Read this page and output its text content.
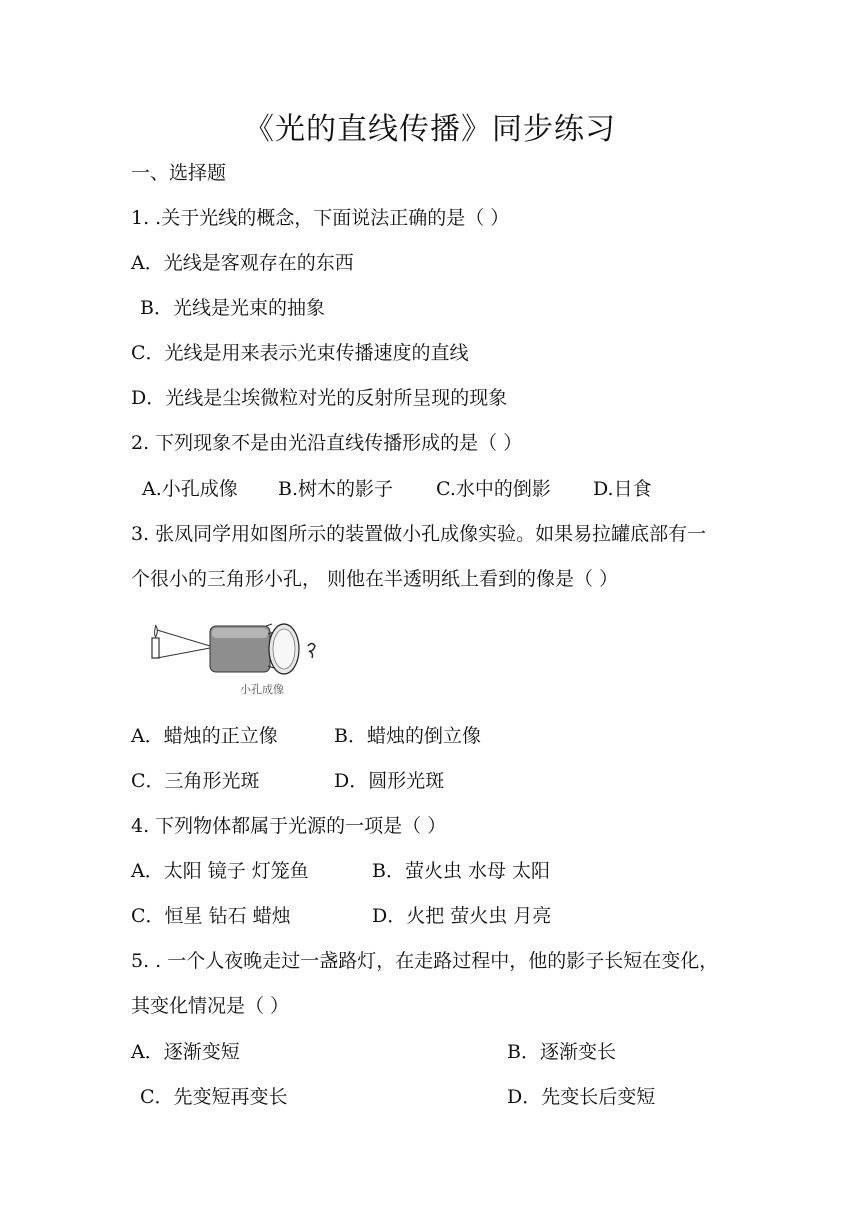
《光的直线传播》同步练习
一、选择题
1. .关于光线的概念，下面说法正确的是（ ）
A．光线是客观存在的东西
B．光线是光束的抽象
C．光线是用来表示光束传播速度的直线
D．光线是尘埃微粒对光的反射所呈现的现象
2. 下列现象不是由光沿直线传播形成的是（ ）
A.小孔成像 B.树木的影子 C.水中的倒影 D.日食
3. 张凤同学用如图所示的装置做小孔成像实验。如果易拉罐底部有一
个很小的三角形小孔， 则他在半透明纸上看到的像是（ ）
小孔成像
A．蜡烛的正立像	B．蜡烛的倒立像
C．三角形光斑	D．圆形光斑
4. 下列物体都属于光源的一项是（ ）
A．太阳 镜子 灯笼鱼	B．萤火虫 水母 太阳
C．恒星 钻石 蜡烛	D．火把 萤火虫 月亮
5. . 一个人夜晚走过一盏路灯，在走路过程中，他的影子长短在变化，
其变化情况是（ ）
A．逐渐变短	B．逐渐变长
C．先变短再变长	D．先变长后变短
